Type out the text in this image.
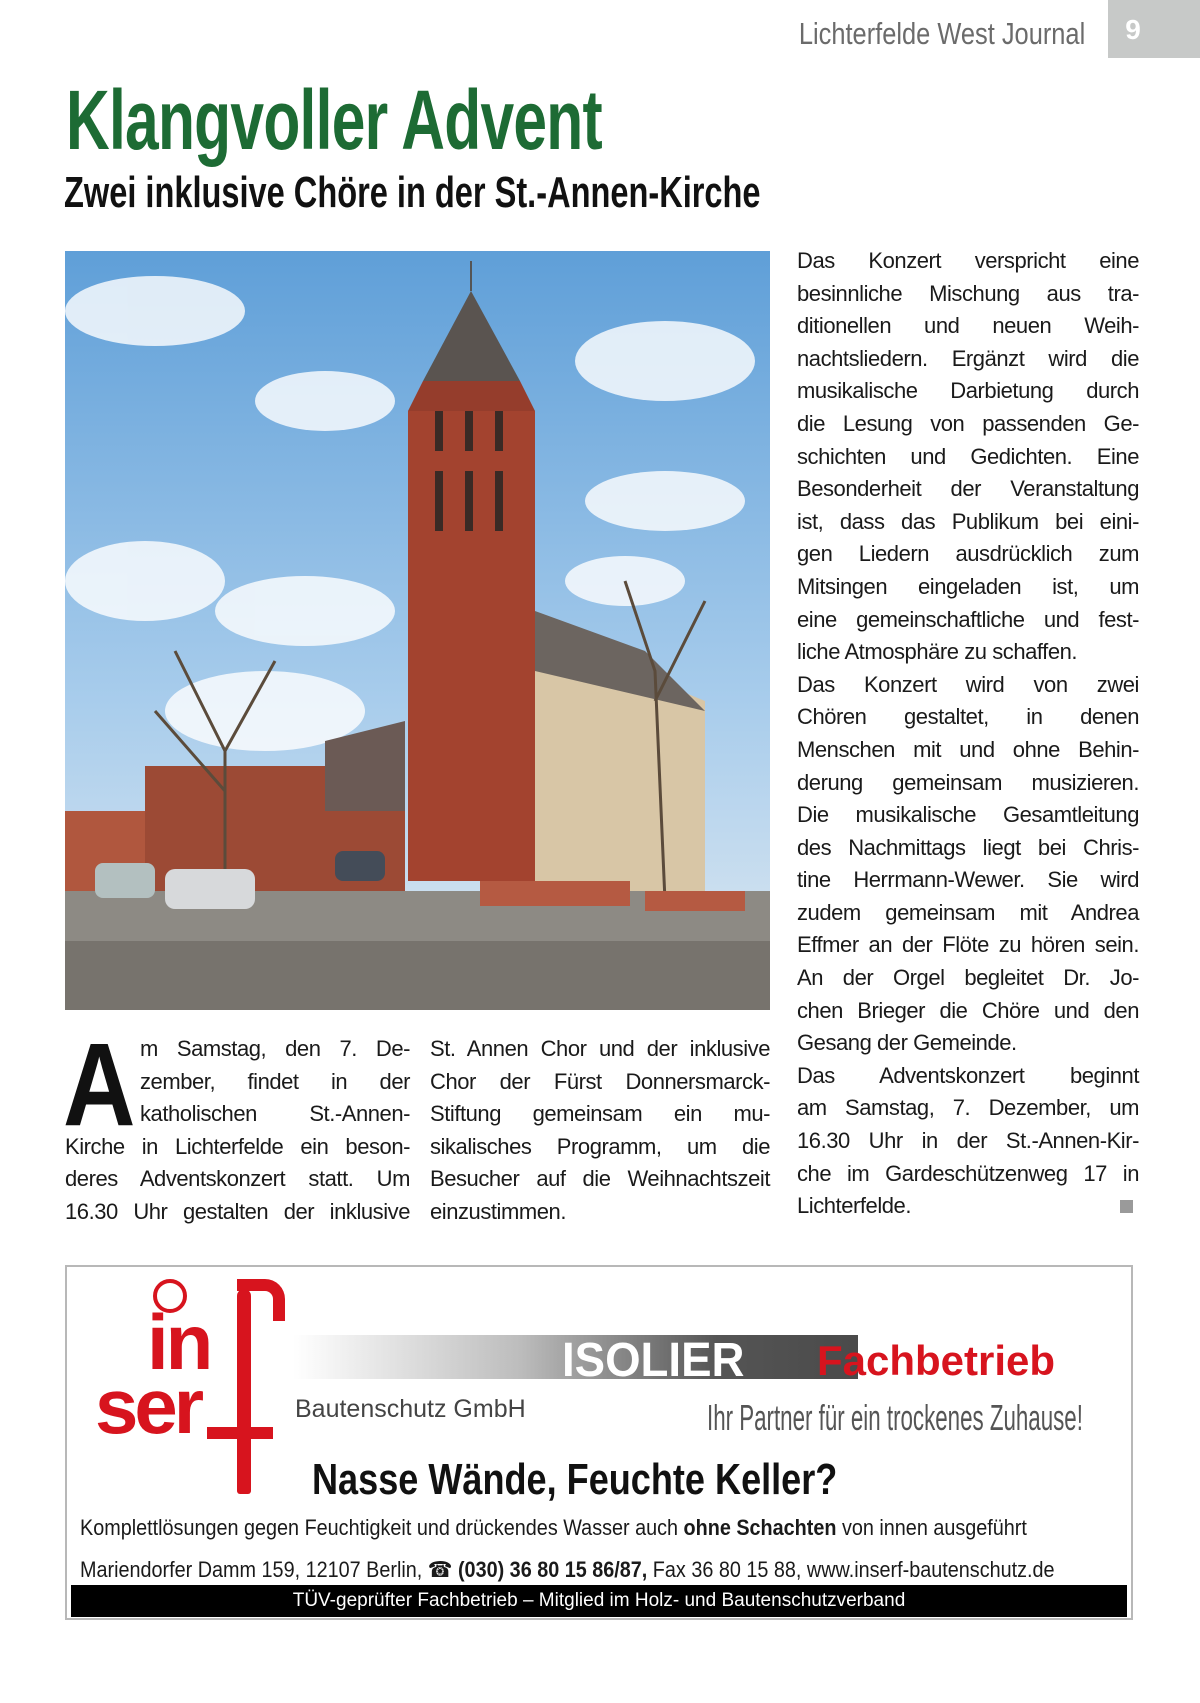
9
Lichterfelde West Journal
Klangvoller Advent
Zwei inklusive Chöre in der St.-Annen-Kirche
Das Konzert verspricht eine
besinnliche Mischung aus tra-
ditionellen und neuen Weih-
nachtsliedern. Ergänzt wird die
musikalische Darbietung durch
die Lesung von passenden Ge-
schichten und Gedichten. Eine
Besonderheit der Veranstaltung
ist, dass das Publikum bei eini-
gen Liedern ausdrücklich zum
Mitsingen eingeladen ist, um
eine gemeinschaftliche und fest-
liche Atmosphäre zu schaffen.
Das Konzert wird von zwei
Chören gestaltet, in denen
Menschen mit und ohne Behin-
derung gemeinsam musizieren.
Die musikalische Gesamtleitung
des Nachmittags liegt bei Chris-
tine Herrmann-Wewer. Sie wird
zudem gemeinsam mit Andrea
Effmer an der Flöte zu hören sein.
An der Orgel begleitet Dr. Jo-
chen Brieger die Chöre und den
Gesang der Gemeinde.
Das Adventskonzert beginnt
am Samstag, 7. Dezember, um
16.30 Uhr in der St.-Annen-Kir-
che im Gardeschützenweg 17 in
Lichterfelde.
A m Samstag, den 7. De-
zember, findet in der
katholischen St.-Annen-
Kirche in Lichterfelde ein beson-
deres Adventskonzert statt. Um
16.30 Uhr gestalten der inklusive
St. Annen Chor und der inklusive
Chor der Fürst Donnersmarck-
Stiftung gemeinsam ein mu-
sikalisches Programm, um die
Besucher auf die Weihnachtszeit
einzustimmen.
in
ser
ISOLIER Fachbetrieb
Bautenschutz GmbH	Ihr Partner für ein trockenes Zuhause!
Nasse Wände, Feuchte Keller?
Komplettlösungen gegen Feuchtigkeit und drückendes Wasser auch ohne Schachten von innen ausgeführt
Mariendorfer Damm 159, 12107 Berlin, ☎ (030) 36 80 15 86/87, Fax 36 80 15 88, www.inserf-bautenschutz.de
TÜV-geprüfter Fachbetrieb – Mitglied im Holz- und Bautenschutzverband
